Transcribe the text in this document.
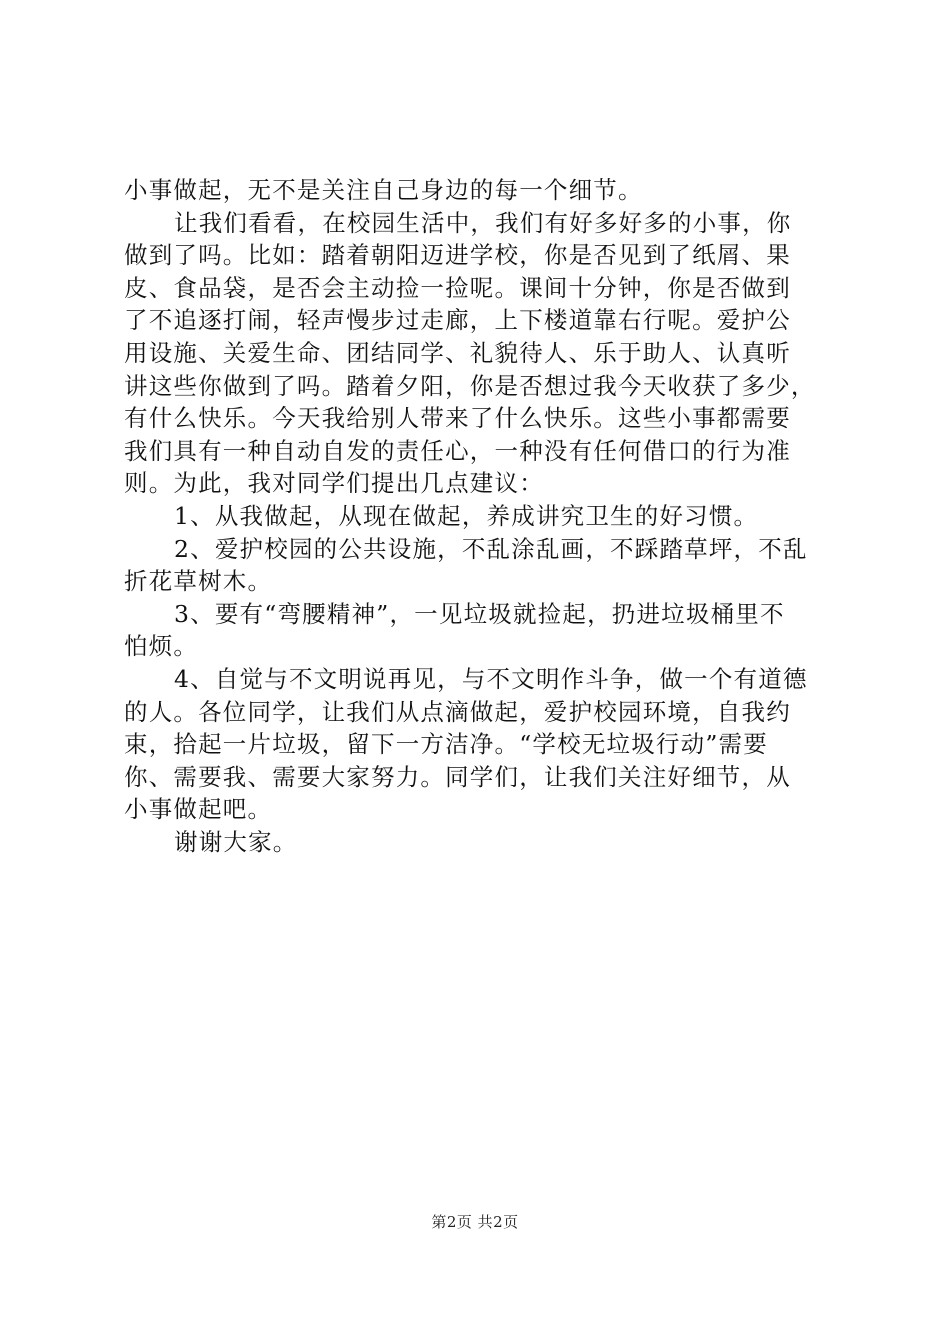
小事做起，无不是关注自己身边的每一个细节。
让我们看看，在校园生活中，我们有好多好多的小事，你
做到了吗。比如：踏着朝阳迈进学校，你是否见到了纸屑、果
皮、食品袋，是否会主动捡一捡呢。课间十分钟，你是否做到
了不追逐打闹，轻声慢步过走廊，上下楼道靠右行呢。爱护公
用设施、关爱生命、团结同学、礼貌待人、乐于助人、认真听
讲这些你做到了吗。踏着夕阳，你是否想过我今天收获了多少，
有什么快乐。今天我给别人带来了什么快乐。这些小事都需要
我们具有一种自动自发的责任心，一种没有任何借口的行为准
则。为此，我对同学们提出几点建议：
1、从我做起，从现在做起，养成讲究卫生的好习惯。
2、爱护校园的公共设施，不乱涂乱画，不踩踏草坪，不乱
折花草树木。
3、要有“弯腰精神”，一见垃圾就捡起，扔进垃圾桶里不
怕烦。
4、自觉与不文明说再见，与不文明作斗争，做一个有道德
的人。各位同学，让我们从点滴做起，爱护校园环境，自我约
束，拾起一片垃圾，留下一方洁净。“学校无垃圾行动”需要
你、需要我、需要大家努力。同学们，让我们关注好细节，从
小事做起吧。
谢谢大家。
第2页 共2页
